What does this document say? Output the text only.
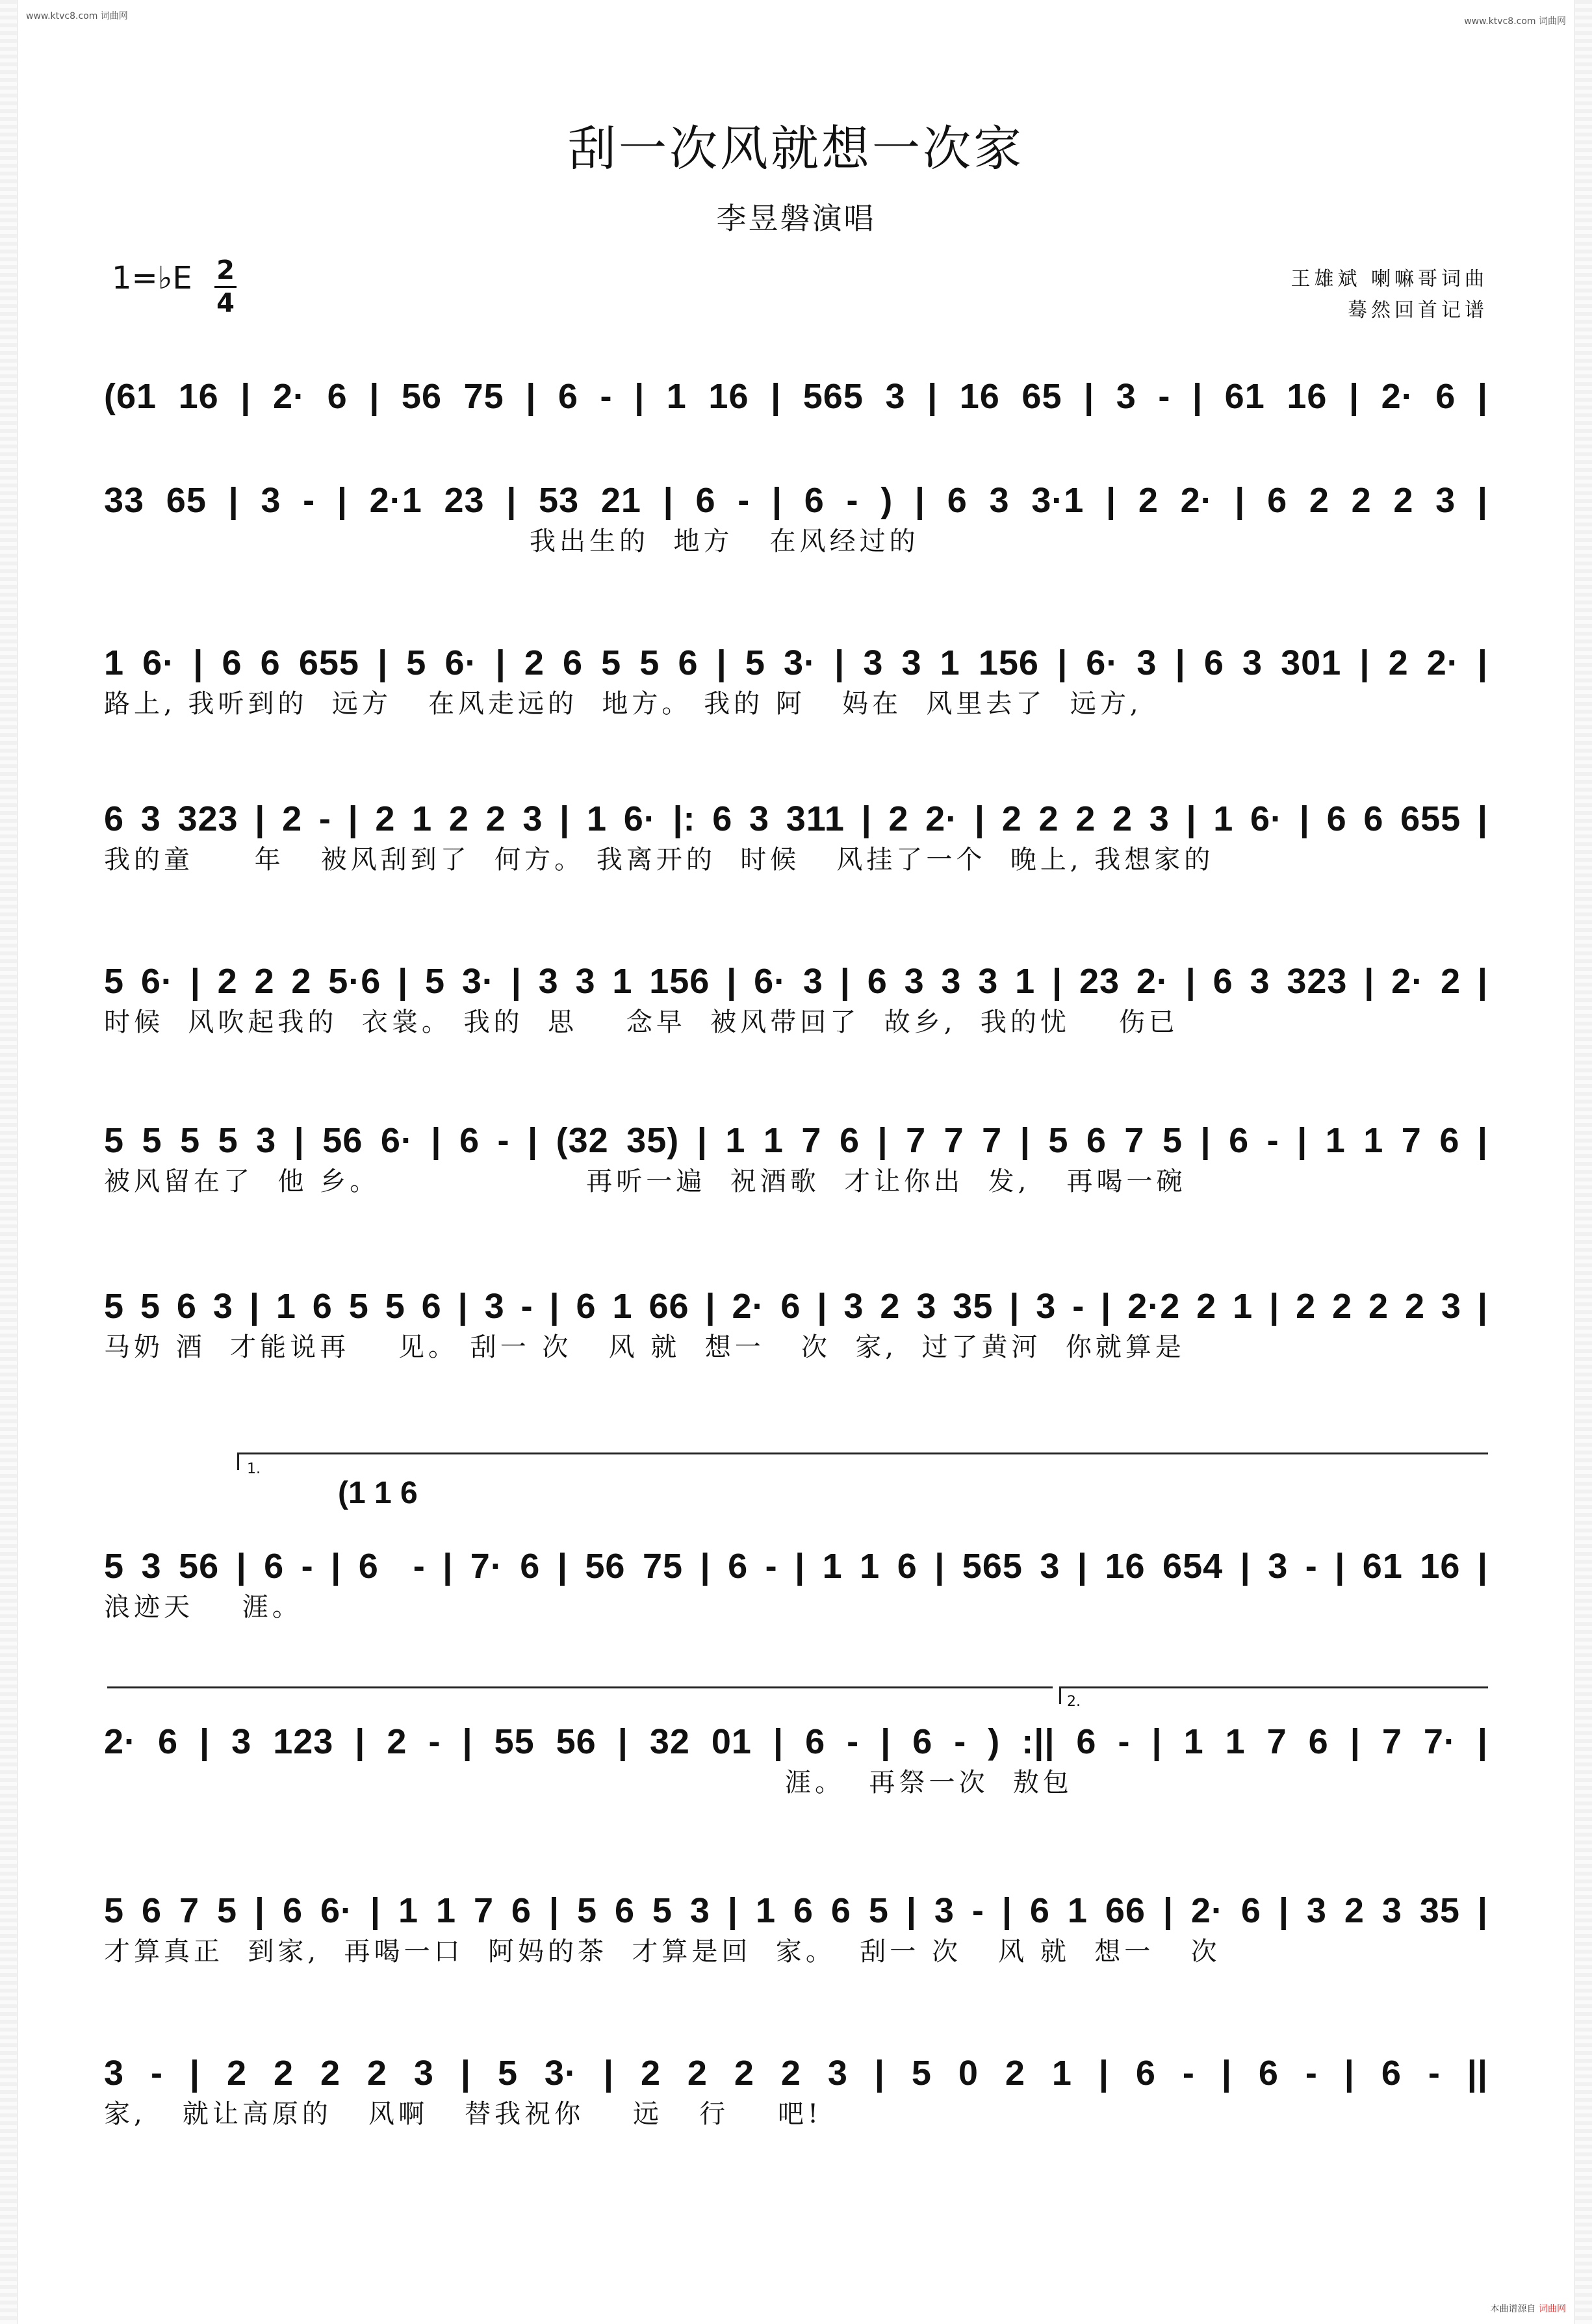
www.ktvc8.com 词曲网	www.ktvc8.com 词曲网
本曲谱源自 词曲网
刮一次风就想一次家
李昱磐演唱
1=♭E 2
4
王雄斌 喇嘛哥词曲
蓦然回首记谱
(61 16 | 2· 6 | 56 75 | 6 - | 1 16 | 565 3 | 16 65 | 3 - | 61 16 | 2· 6 |
33 65 | 3 - | 2·1 23 | 53 21 | 6 - | 6 - ) | 6 3 3·1 | 2 2· | 6 2 2 2 3 |
我出生的  地方   在风经过的
1 6· | 6 6 655 | 5 6· | 2 6 5 5 6 | 5 3· | 3 3 1 156 | 6· 3 | 6 3 301 | 2 2· |
路上, 我听到的  远方   在风走远的  地方。 我的 阿   妈在  风里去了  远方,
6 3 323 | 2 - | 2 1 2 2 3 | 1 6· |: 6 3 311 | 2 2· | 2 2 2 2 3 | 1 6· | 6 6 655 |
我的童     年   被风刮到了  何方。 我离开的  时候   风挂了一个  晚上, 我想家的
5 6· | 2 2 2 5·6 | 5 3· | 3 3 1 156 | 6· 3 | 6 3 3 3 1 | 23 2· | 6 3 323 | 2· 2 |
时候  风吹起我的  衣裳。 我的  思    念早  被风带回了  故乡,  我的忧    伤已
5 5 5 5 3 | 56 6· | 6 - | (32 35) | 1 1 7 6 | 7 7 7 | 5 6 7 5 | 6 - | 1 1 7 6 |
被风留在了  他 乡。                 再听一遍  祝酒歌  才让你出  发,   再喝一碗
5 5 6 3 | 1 6 5 5 6 | 3 - | 6 1 66 | 2· 6 | 3 2 3 35 | 3 - | 2·2 2 1 | 2 2 2 2 3 |
马奶 酒  才能说再    见。 刮一 次   风 就  想一   次  家,  过了黄河  你就算是
1.
(1 1 6
5 3 56 | 6 - | 6  - | 7· 6 | 56 75 | 6 - | 1 1 6 | 565 3 | 16 654 | 3 - | 61 16 |
浪迹天    涯。
2.
2· 6 | 3 123 | 2 - | 55 56 | 32 01 | 6 - | 6 - ) :|| 6 - | 1 1 7 6 | 7 7· |
涯。  再祭一次  敖包
5 6 7 5 | 6 6· | 1 1 7 6 | 5 6 5 3 | 1 6 6 5 | 3 - | 6 1 66 | 2· 6 | 3 2 3 35 |
才算真正  到家,  再喝一口  阿妈的茶  才算是回  家。  刮一 次   风 就  想一   次
3 - | 2 2 2 2 3 | 5 3· | 2 2 2 2 3 | 5 0 2 1 | 6 - | 6 - | 6 - ||
家,   就让高原的   风啊   替我祝你    远   行    吧!
